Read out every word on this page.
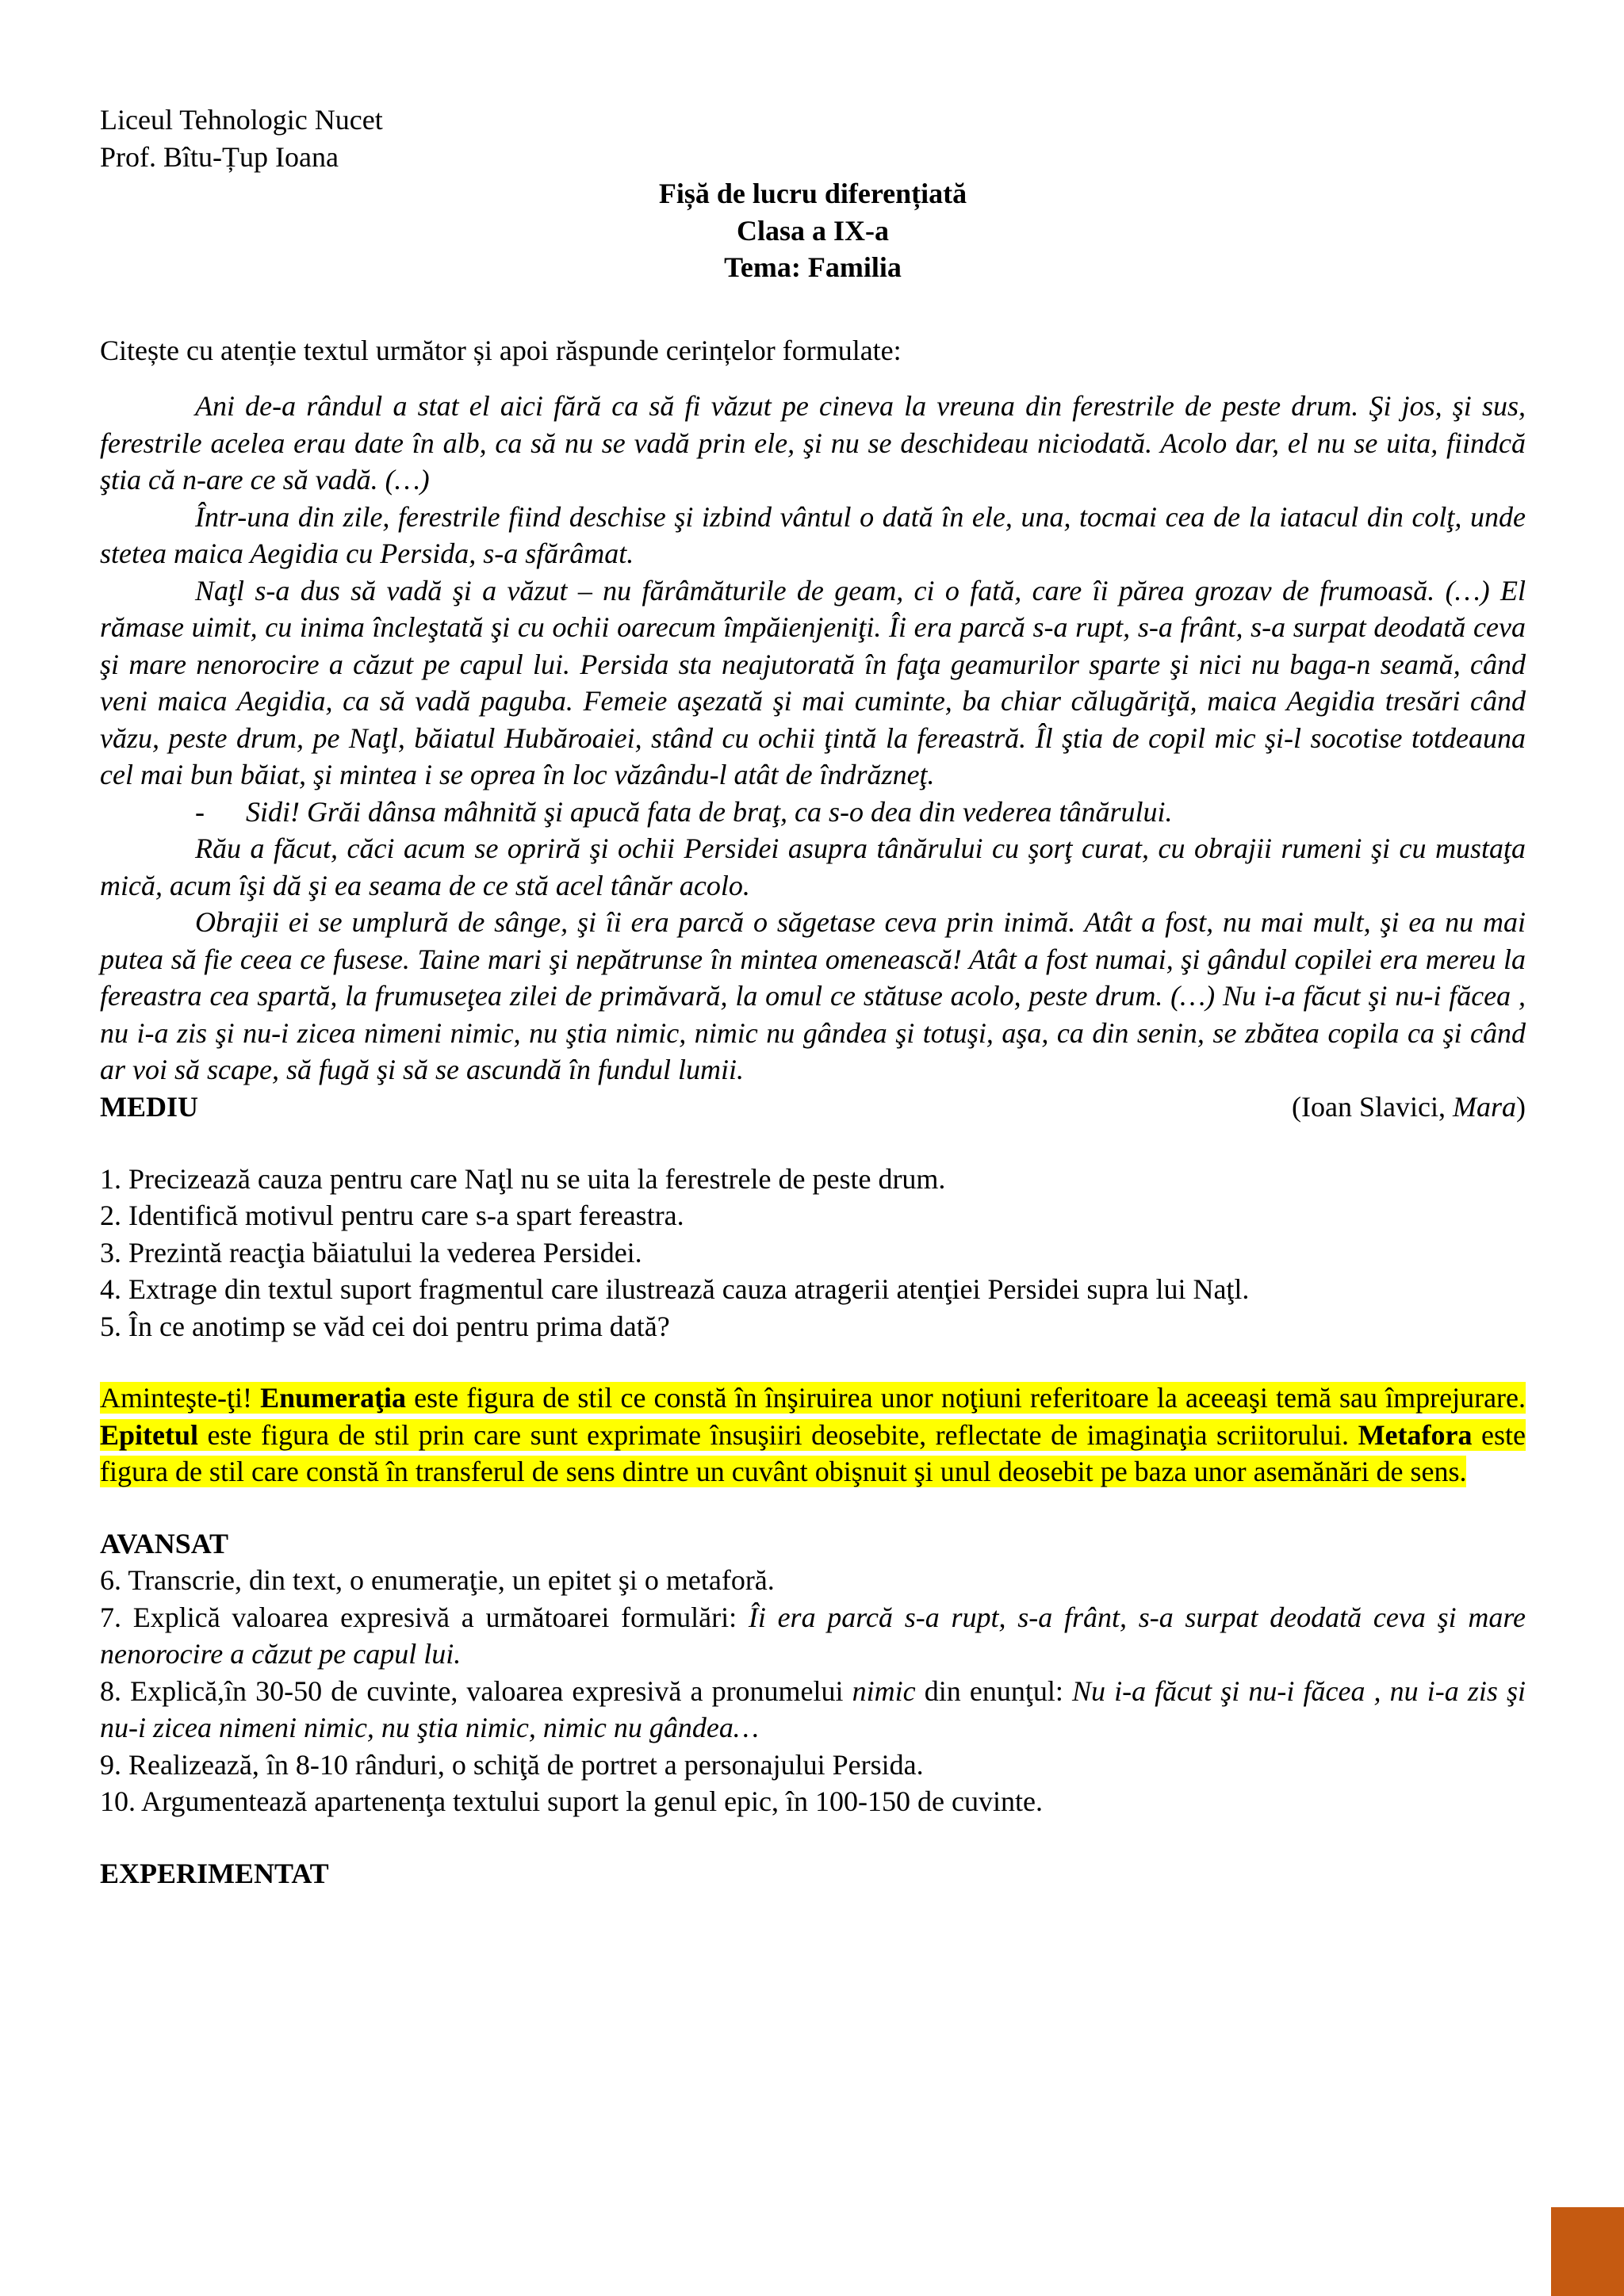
Liceul Tehnologic Nucet

Prof. Bîtu-Țup Ioana

Fișă de lucru diferențiată

Clasa a IX-a

Tema: Familia

Citește cu atenție textul următor și apoi răspunde cerințelor formulate:

Ani de-a rândul a stat el aici fără ca să fi văzut pe cineva la vreuna din ferestrile de peste drum. Şi jos, şi sus, ferestrile acelea erau date în alb, ca să nu se vadă prin ele, şi nu se deschideau niciodată. Acolo dar, el nu se uita, fiindcă ştia că n-are ce să vadă. (…)

Într-una din zile, ferestrile fiind deschise şi izbind vântul o dată în ele, una, tocmai cea de la iatacul din colţ, unde stetea maica Aegidia cu Persida, s-a sfărâmat.

Naţl s-a dus să vadă şi a văzut – nu fărâmăturile de geam, ci o fată, care îi părea grozav de frumoasă. (…) El rămase uimit, cu inima încleştată şi cu ochii oarecum împăienjeniţi. Îi era parcă s-a rupt, s-a frânt, s-a surpat deodată ceva şi mare nenorocire a căzut pe capul lui. Persida sta neajutorată în faţa geamurilor sparte şi nici nu baga-n seamă, când veni maica Aegidia, ca să vadă paguba. Femeie aşezată şi mai cuminte, ba chiar călugăriţă, maica Aegidia tresări când văzu, peste drum, pe Naţl, băiatul Hubăroaiei, stând cu ochii ţintă la fereastră. Îl ştia de copil mic şi-l socotise totdeauna cel mai bun băiat, şi mintea i se oprea în loc văzându-l atât de îndrăzneţ.

- Sidi! Grăi dânsa mâhnită şi apucă fata de braţ, ca s-o dea din vederea tânărului.

Rău a făcut, căci acum se opriră şi ochii Persidei asupra tânărului cu şorţ curat, cu obrajii rumeni şi cu mustaţa mică, acum îşi dă şi ea seama de ce stă acel tânăr acolo.

Obrajii ei se umplură de sânge, şi îi era parcă o săgetase ceva prin inimă. Atât a fost, nu mai mult, şi ea nu mai putea să fie ceea ce fusese. Taine mari şi nepătrunse în mintea omenească! Atât a fost numai, şi gândul copilei era mereu la fereastra cea spartă, la frumuseţea zilei de primăvară, la omul ce stătuse acolo, peste drum. (…) Nu i-a făcut şi nu-i făcea , nu i-a zis şi nu-i zicea nimeni nimic, nu ştia nimic, nimic nu gândea şi totuşi, aşa, ca din senin, se zbătea copila ca şi când ar voi să scape, să fugă şi să se ascundă în fundul lumii.

(Ioan Slavici, Mara)

MEDIU

1. Precizează cauza pentru care Naţl nu se uita la ferestrele de peste drum.

2. Identifică motivul pentru care s-a spart fereastra.

3. Prezintă reacţia băiatului la vederea Persidei.

4. Extrage din textul suport fragmentul care ilustrează cauza atragerii atenţiei Persidei supra lui Naţl.

5. În ce anotimp se văd cei doi pentru prima dată?

Aminteşte-ţi! Enumeraţia este figura de stil ce constă în înşiruirea unor noţiuni referitoare la aceeaşi temă sau împrejurare. Epitetul este figura de stil prin care sunt exprimate însuşiiri deosebite, reflectate de imaginaţia scriitorului. Metafora este figura de stil care constă în transferul de sens dintre un cuvânt obişnuit şi unul deosebit pe baza unor asemănări de sens.

AVANSAT

6. Transcrie, din text, o enumeraţie, un epitet şi o metaforă.

7. Explică valoarea expresivă a următoarei formulări: Îi era parcă s-a rupt, s-a frânt, s-a surpat deodată ceva şi mare nenorocire a căzut pe capul lui.

8. Explică,în 30-50 de cuvinte, valoarea expresivă a pronumelui nimic din enunţul: Nu i-a făcut şi nu-i făcea , nu i-a zis şi nu-i zicea nimeni nimic, nu ştia nimic, nimic nu gândea…

9. Realizează, în 8-10 rânduri, o schiţă de portret a personajului Persida.

10. Argumentează apartenenţa textului suport la genul epic, în 100-150 de cuvinte.

EXPERIMENTAT
